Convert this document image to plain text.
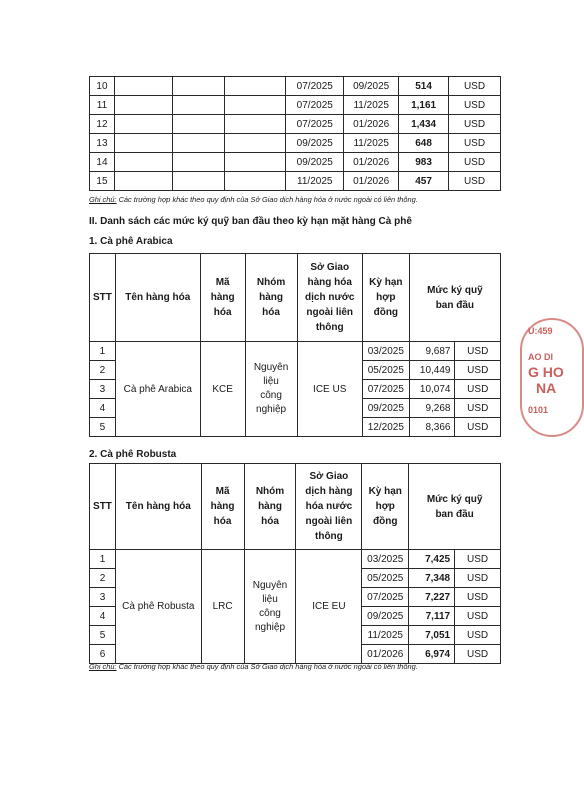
10				07/2025	09/2025	514	USD
11				07/2025	11/2025	1,161	USD
12				07/2025	01/2026	1,434	USD
13				09/2025	11/2025	648	USD
14				09/2025	01/2026	983	USD
15				11/2025	01/2026	457	USD
Ghi chú: Các trường hợp khác theo quy định của Sở Giao dịch hàng hóa ở nước ngoài có liên thông.
II. Danh sách các mức ký quỹ ban đầu theo kỳ hạn mặt hàng Cà phê
1. Cà phê Arabica
STT	Tên hàng hóa	Mã hàng hóa	Nhóm hàng hóa	Sở Giao hàng hóa dịch nước ngoài liên thông	Kỳ hạn hợp đồng	Mức ký quỹ ban đầu	
1	Cà phê Arabica	KCE	Nguyên liệu công nghiệp	ICE US	03/2025	9,687	USD
2					05/2025	10,449	USD
3					07/2025	10,074	USD
4					09/2025	9,268	USD
5					12/2025	8,366	USD
2. Cà phê Robusta
STT	Tên hàng hóa	Mã hàng hóa	Nhóm hàng hóa	Sở Giao dịch hàng hóa nước ngoài liên thông	Kỳ hạn hợp đồng	Mức ký quỹ ban đầu	
1	Cà phê Robusta	LRC	Nguyên liệu công nghiệp	ICE EU	03/2025	7,425	USD
2					05/2025	7,348	USD
3					07/2025	7,227	USD
4					09/2025	7,117	USD
5					11/2025	7,051	USD
6					01/2026	6,974	USD
Ghi chú: Các trường hợp khác theo quy định của Sở Giao dịch hàng hóa ở nước ngoài có liên thông.
U:459
AO DI
G HO
NA
0101
